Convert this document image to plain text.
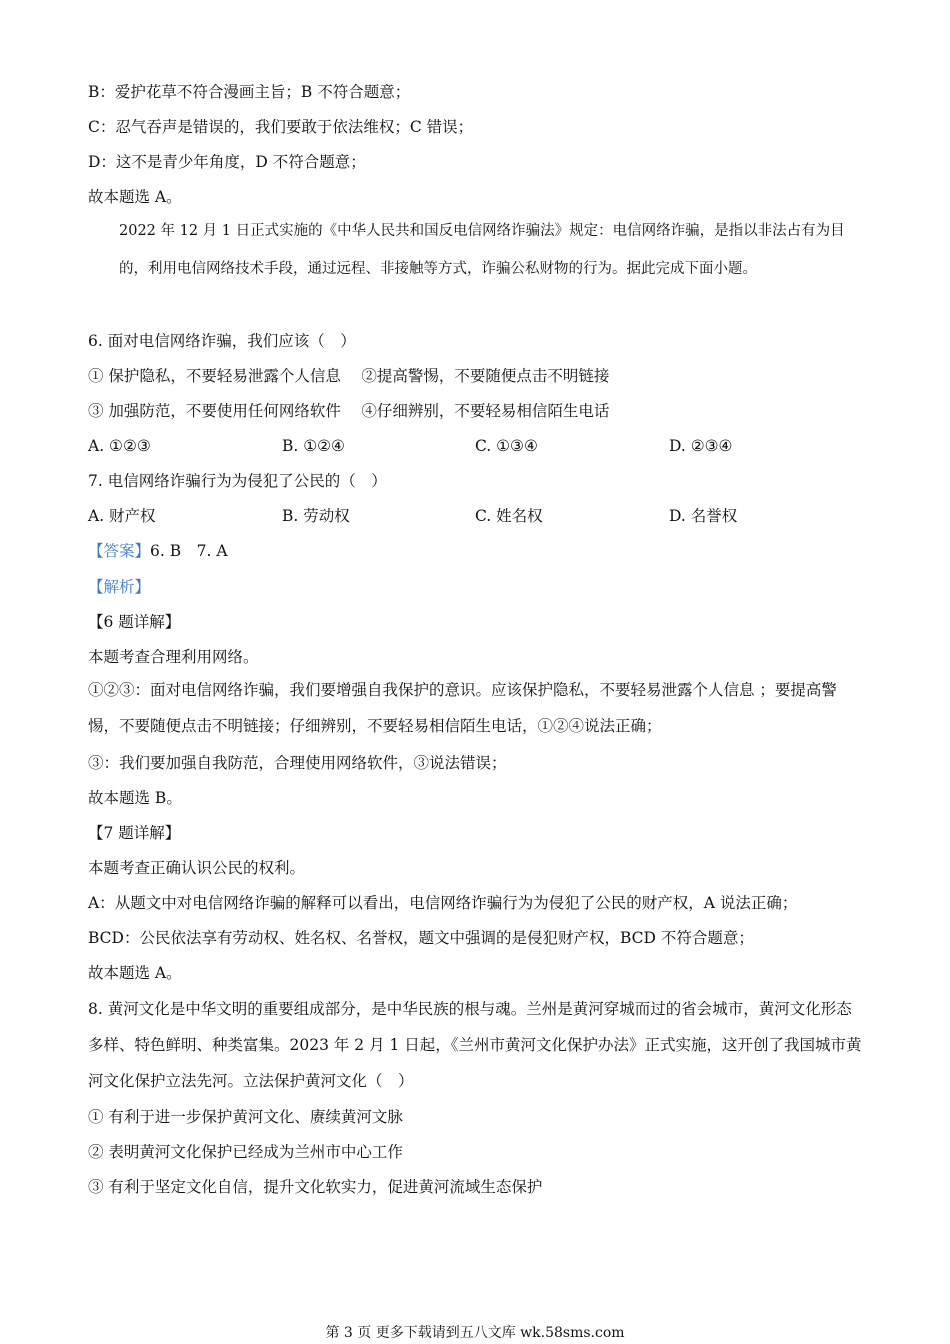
B：爱护花草不符合漫画主旨；B 不符合题意；
C：忍气吞声是错误的，我们要敢于依法维权；C 错误；
D：这不是青少年角度，D 不符合题意；
故本题选 A。
2022 年 12 月 1 日正式实施的《中华人民共和国反电信网络诈骗法》规定：电信网络诈骗，是指以非法占有为目的，利用电信网络技术手段，通过远程、非接触等方式，诈骗公私财物的行为。据此完成下面小题。
6. 面对电信网络诈骗，我们应该（　）
① 保护隐私，不要轻易泄露个人信息　 ②提高警惕，不要随便点击不明链接
③ 加强防范，不要使用任何网络软件　 ④仔细辨别，不要轻易相信陌生电话
A. ①②③	B. ①②④	C. ①③④	D. ②③④
7. 电信网络诈骗行为为侵犯了公民的（　）
A. 财产权	B. 劳动权	C. 姓名权	D. 名誉权
【答案】6. B　7. A
【解析】
【6 题详解】
本题考查合理利用网络。
①②③：面对电信网络诈骗，我们要增强自我保护的意识。应该保护隐私，不要轻易泄露个人信息 ；要提高警惕，不要随便点击不明链接；仔细辨别，不要轻易相信陌生电话，①②④说法正确；
③：我们要加强自我防范，合理使用网络软件，③说法错误；
故本题选 B。
【7 题详解】
本题考查正确认识公民的权利。
A：从题文中对电信网络诈骗的解释可以看出，电信网络诈骗行为为侵犯了公民的财产权，A 说法正确；
BCD：公民依法享有劳动权、姓名权、名誉权，题文中强调的是侵犯财产权，BCD 不符合题意；
故本题选 A。
8. 黄河文化是中华文明的重要组成部分，是中华民族的根与魂。兰州是黄河穿城而过的省会城市，黄河文化形态多样、特色鲜明、种类富集。2023 年 2 月 1 日起，《兰州市黄河文化保护办法》正式实施，这开创了我国城市黄河文化保护立法先河。立法保护黄河文化（　）
① 有利于进一步保护黄河文化、赓续黄河文脉
② 表明黄河文化保护已经成为兰州市中心工作
③ 有利于坚定文化自信，提升文化软实力，促进黄河流域生态保护
第 3 页 更多下载请到五八文库 wk.58sms.com
